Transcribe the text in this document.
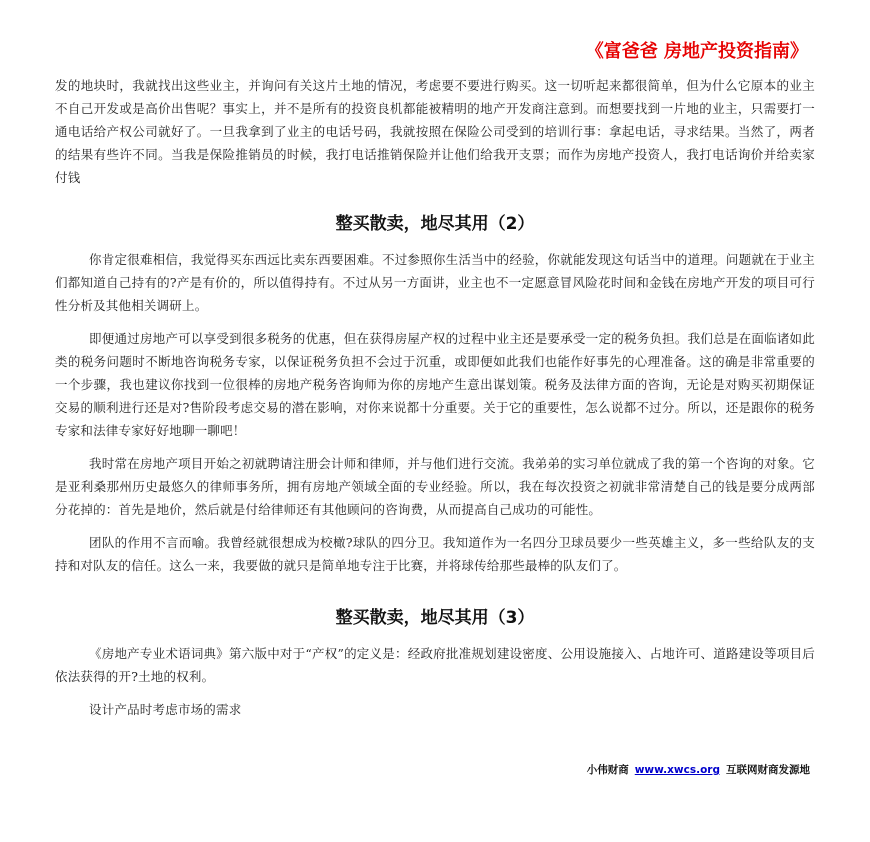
《富爸爸 房地产投资指南》

发的地块时，我就找出这些业主，并询问有关这片土地的情况，考虑要不要进行购买。这一切听起来都很简单，但为什么它原本的业主不自己开发或是高价出售呢？事实上，并不是所有的投资良机都能被精明的地产开发商注意到。而想要找到一片地的业主，只需要打一通电话给产权公司就好了。一旦我拿到了业主的电话号码，我就按照在保险公司受到的培训行事：拿起电话，寻求结果。当然了，两者的结果有些许不同。当我是保险推销员的时候，我打电话推销保险并让他们给我开支票；而作为房地产投资人，我打电话询价并给卖家付钱

整买散卖，地尽其用（2）

你肯定很难相信，我觉得买东西远比卖东西要困难。不过参照你生活当中的经验，你就能发现这句话当中的道理。问题就在于业主们都知道自己持有的?产是有价的，所以值得持有。不过从另一方面讲，业主也不一定愿意冒风险花时间和金钱在房地产开发的项目可行性分析及其他相关调研上。

即便通过房地产可以享受到很多税务的优惠，但在获得房屋产权的过程中业主还是要承受一定的税务负担。我们总是在面临诸如此类的税务问题时不断地咨询税务专家，以保证税务负担不会过于沉重，或即便如此我们也能作好事先的心理准备。这的确是非常重要的一个步骤，我也建议你找到一位很棒的房地产税务咨询师为你的房地产生意出谋划策。税务及法律方面的咨询，无论是对购买初期保证交易的顺利进行还是对?售阶段考虑交易的潜在影响，对你来说都十分重要。关于它的重要性，怎么说都不过分。所以，还是跟你的税务专家和法律专家好好地聊一聊吧！

我时常在房地产项目开始之初就聘请注册会计师和律师，并与他们进行交流。我弟弟的实习单位就成了我的第一个咨询的对象。它是亚利桑那州历史最悠久的律师事务所，拥有房地产领域全面的专业经验。所以，我在每次投资之初就非常清楚自己的钱是要分成两部分花掉的：首先是地价，然后就是付给律师还有其他顾问的咨询费，从而提高自己成功的可能性。

团队的作用不言而喻。我曾经就很想成为校橄?球队的四分卫。我知道作为一名四分卫球员要少一些英雄主义，多一些给队友的支持和对队友的信任。这么一来，我要做的就只是简单地专注于比赛，并将球传给那些最棒的队友们了。

整买散卖，地尽其用（3）

《房地产专业术语词典》第六版中对于“产权”的定义是：经政府批准规划建设密度、公用设施接入、占地许可、道路建设等项目后依法获得的开?土地的权利。

设计产品时考虑市场的需求

小伟财商 www.xwcs.org 互联网财商发源地
